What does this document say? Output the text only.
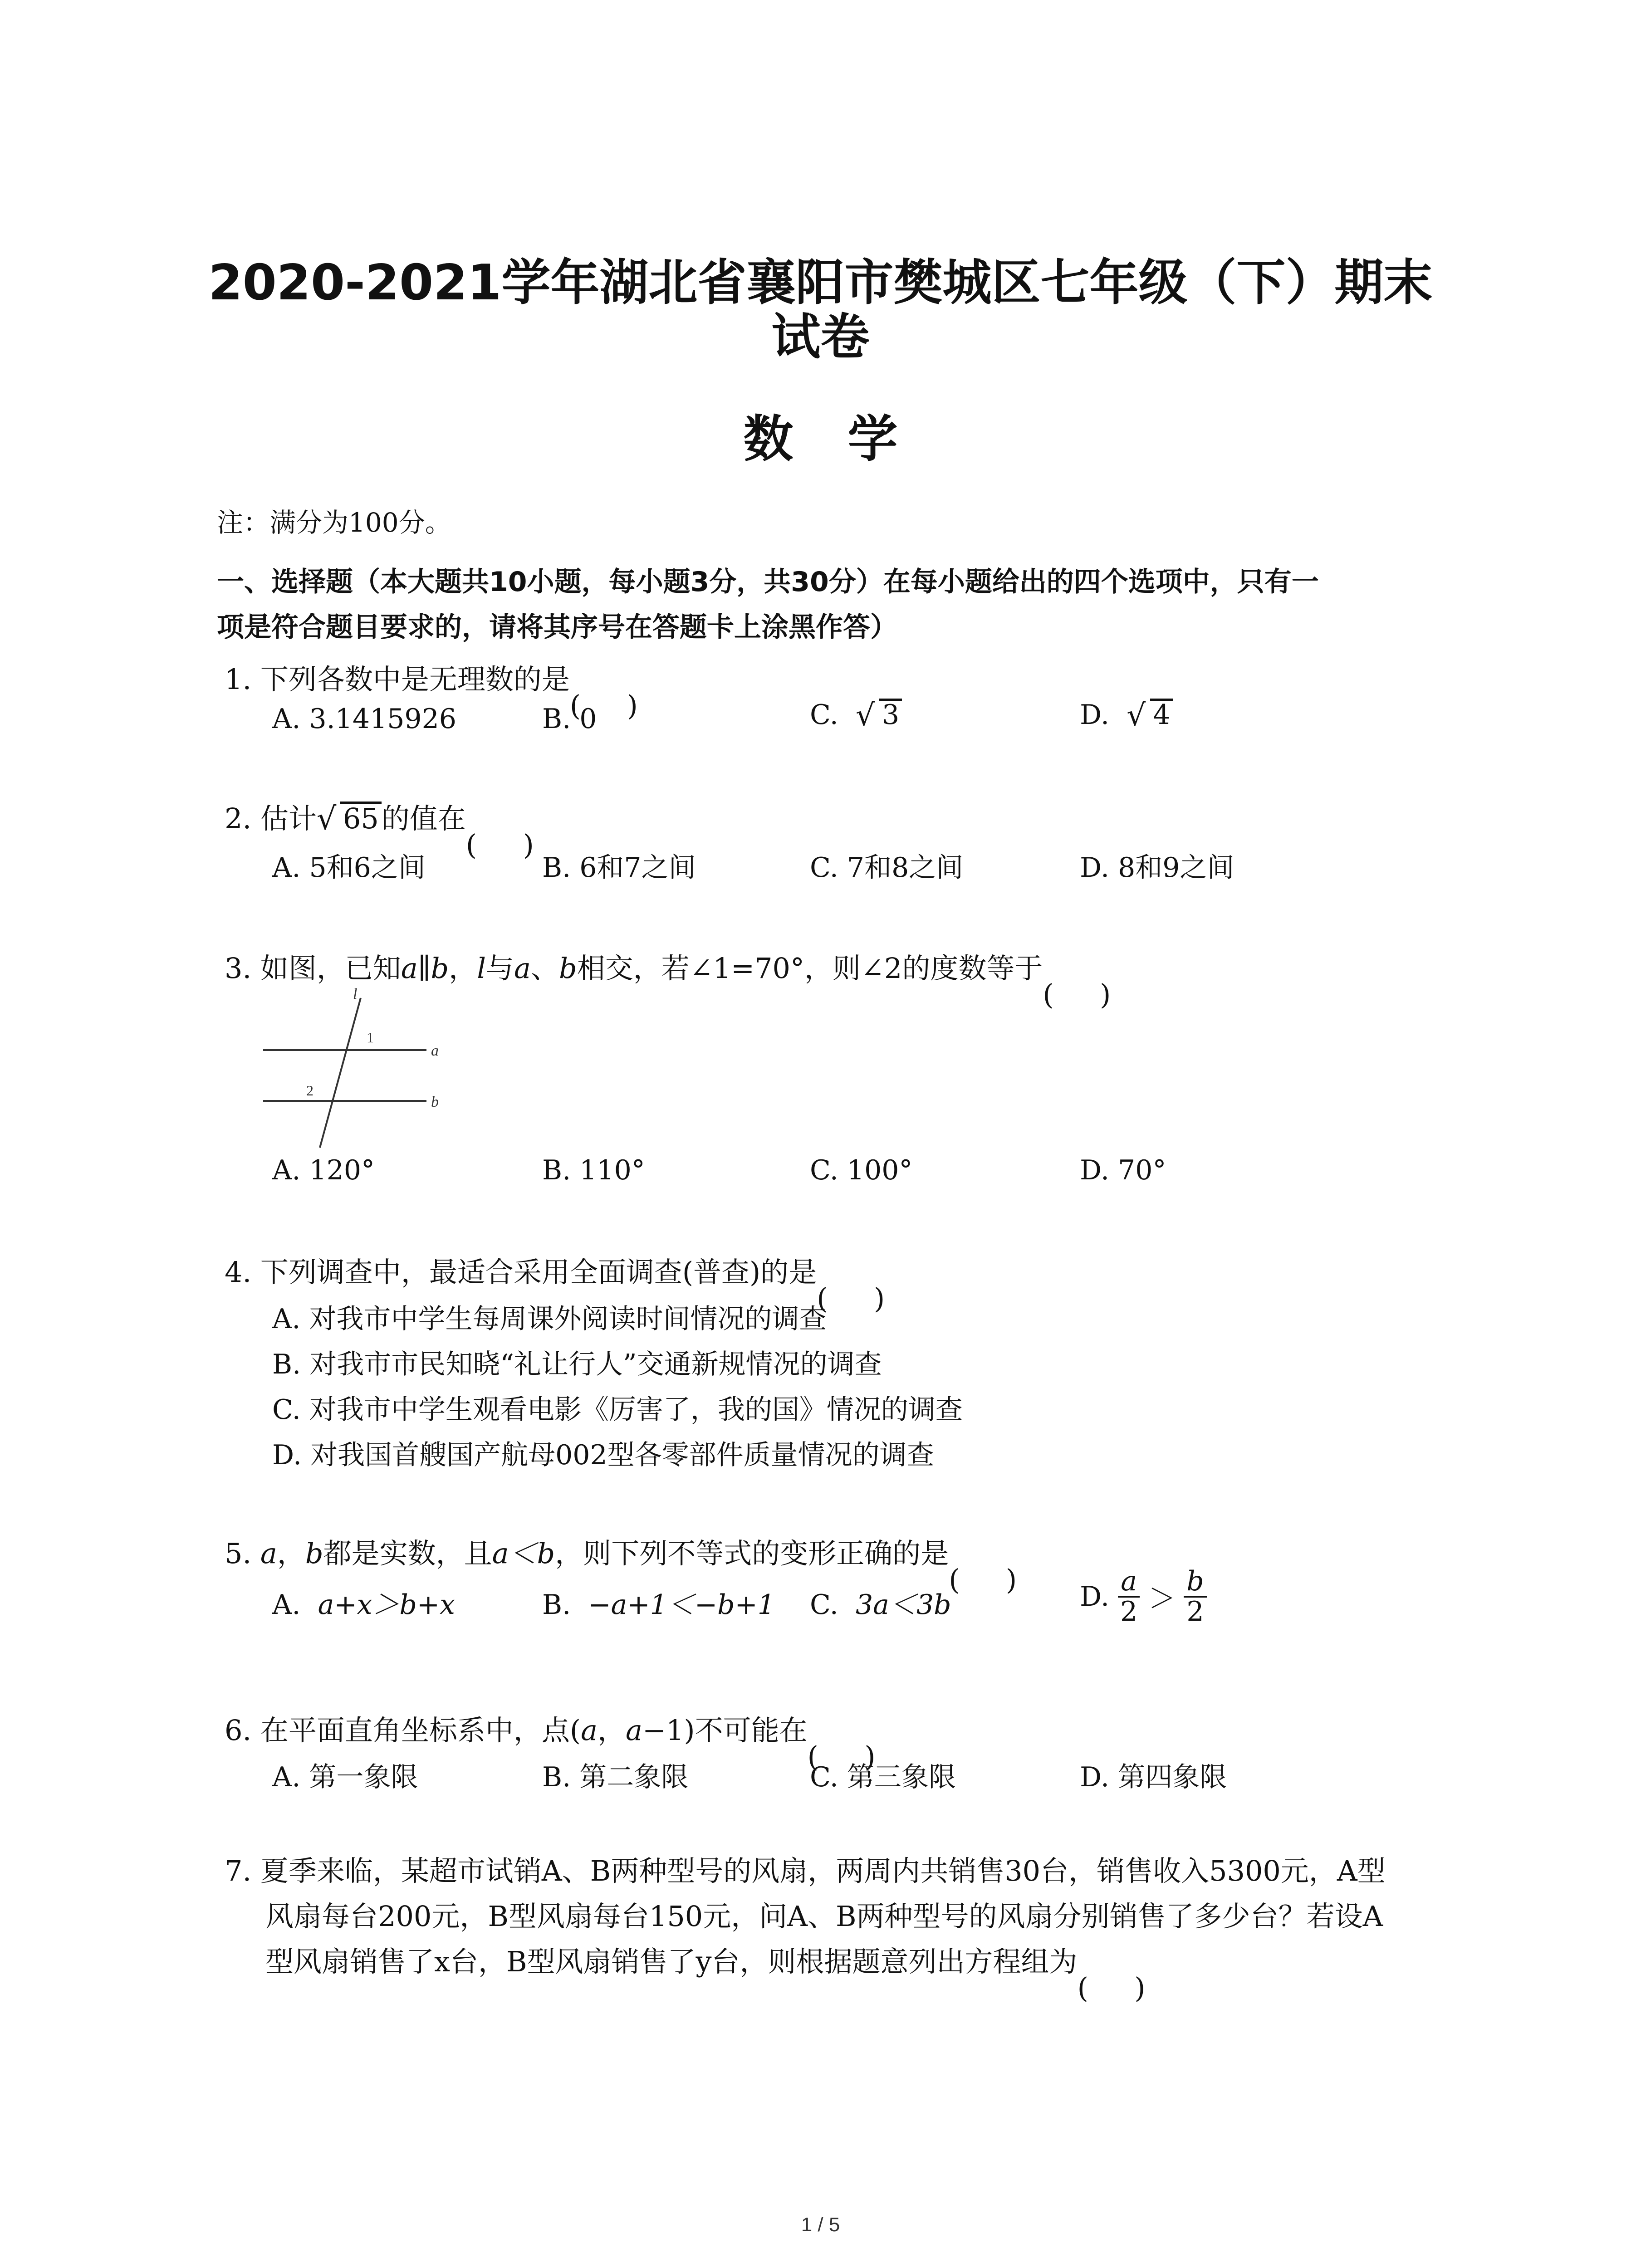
2020-2021学年湖北省襄阳市樊城区七年级（下）期末
试卷
数学
注：满分为100分。
一、选择题（本大题共10小题，每小题3分，共30分）在每小题给出的四个选项中，只有一
项是符合题目要求的，请将其序号在答题卡上涂黑作答）
1. 下列各数中是无理数的是
A. 3.1415926	B. 0	C. √ 3	D. √ 4
2. 估计 √ 65的值在
A. 5和6之间	B. 6和7之间	C. 7和8之间	D. 8和9之间
3. 如图，已知a∥b，l与a、b相交，若∠1=70°，则∠2的度数等于
l
a
b
1
2
A. 120°	B. 110°	C. 100°	D. 70°
4. 下列调查中，最适合采用全面调查(普查)的是
A. 对我市中学生每周课外阅读时间情况的调查
B. 对我市市民知晓“礼让行人”交通新规情况的调查
C. 对我市中学生观看电影《厉害了，我的国》情况的调查
D. 对我国首艘国产航母002型各零部件质量情况的调查
5. a，b都是实数，且a＜b，则下列不等式的变形正确的是
A. a+x＞b+x	B. −a+1＜−b+1 C. 3a＜3b	D. $\frac{a}{2} > \frac{b}{2}$
6. 在平面直角坐标系中，点(a，a−1)不可能在
A. 第一象限	B. 第二象限	C. 第三象限	D. 第四象限
7. 夏季来临，某超市试销A、B两种型号的风扇，两周内共销售30台，销售收入5300元，A型
风扇每台200元，B型风扇每台150元，问A、B两种型号的风扇分别销售了多少台？若设A
型风扇销售了x台，B型风扇销售了y台，则根据题意列出方程组为
1 / 5
